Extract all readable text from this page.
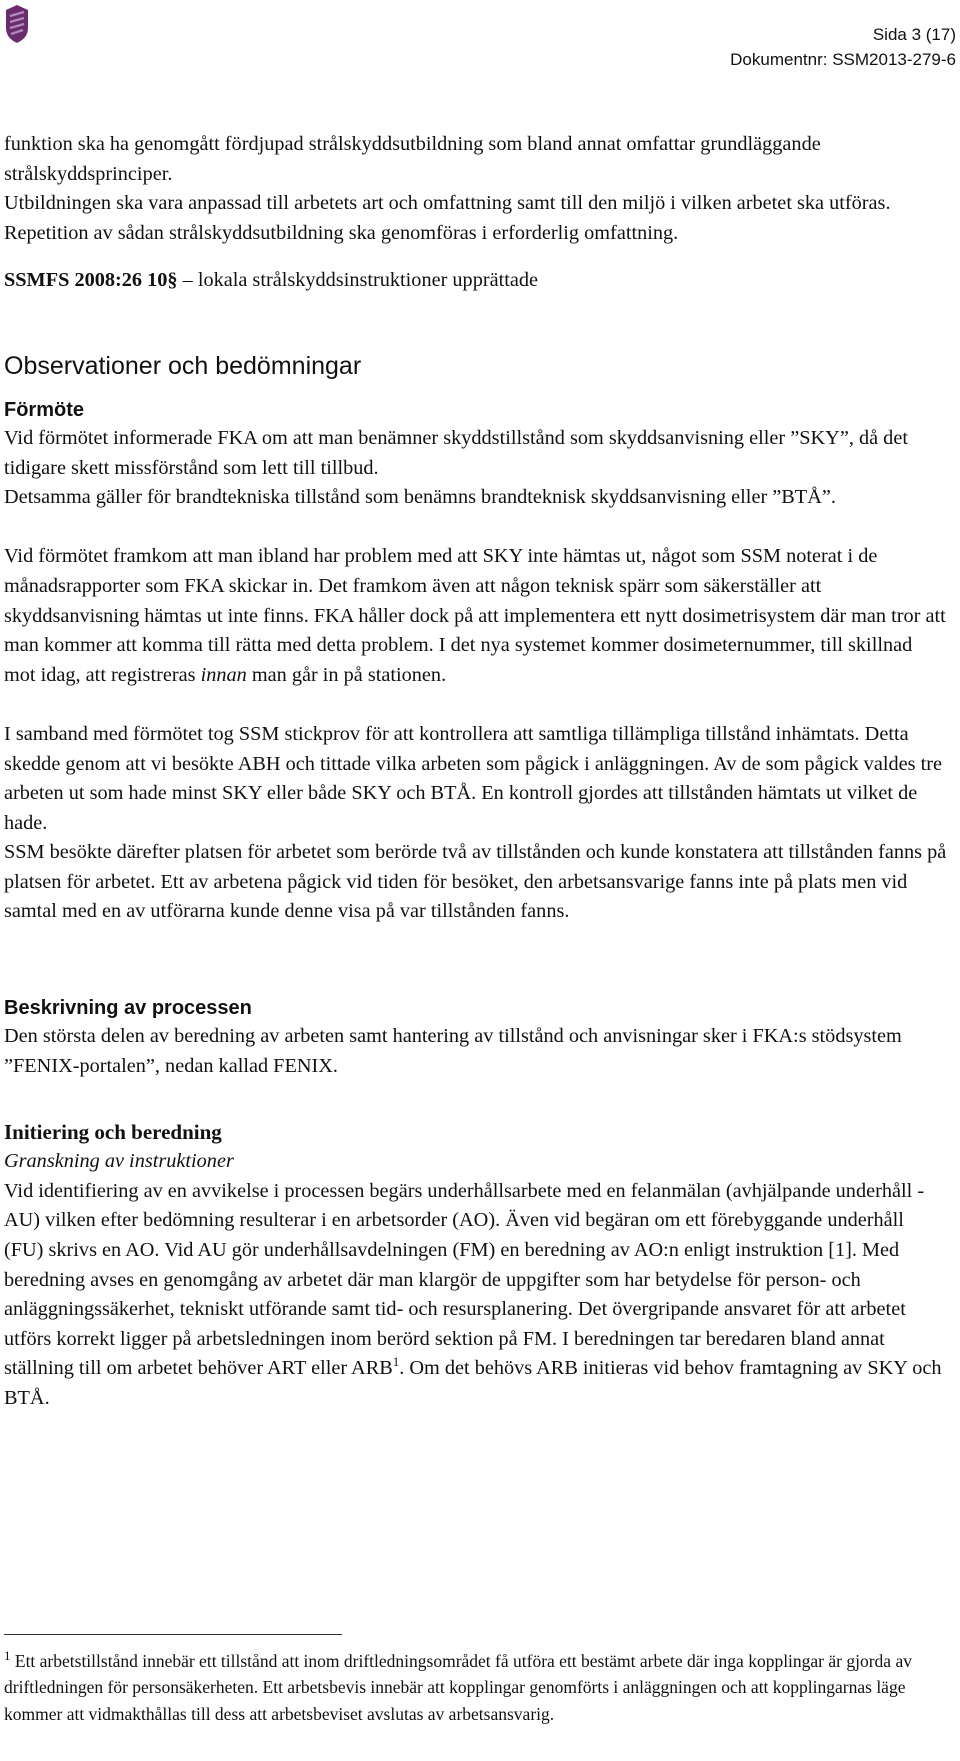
Sida 3 (17)
Dokumentnr: SSM2013-279-6

funktion ska ha genomgått fördjupad strålskyddsutbildning som bland annat omfattar grundläggande strålskyddsprinciper.

Utbildningen ska vara anpassad till arbetets art och omfattning samt till den miljö i vilken arbetet ska utföras. Repetition av sådan strålskyddsutbildning ska genomföras i erforderlig omfattning.

SSMFS 2008:26 10§ – lokala strålskyddsinstruktioner upprättade

Observationer och bedömningar
Förmöte

Vid förmötet informerade FKA om att man benämner skyddstillstånd som skyddsanvisning eller ”SKY”, då det tidigare skett missförstånd som lett till tillbud.

Detsamma gäller för brandtekniska tillstånd som benämns brandteknisk skyddsanvisning eller ”BTÅ”.

Vid förmötet framkom att man ibland har problem med att SKY inte hämtas ut, något som SSM noterat i de månadsrapporter som FKA skickar in. Det framkom även att någon teknisk spärr som säkerställer att skyddsanvisning hämtas ut inte finns. FKA håller dock på att implementera ett nytt dosimetrisystem där man tror att man kommer att komma till rätta med detta problem. I det nya systemet kommer dosimeternummer, till skillnad mot idag, att registreras innan man går in på stationen.

I samband med förmötet tog SSM stickprov för att kontrollera att samtliga tillämpliga tillstånd inhämtats. Detta skedde genom att vi besökte ABH och tittade vilka arbeten som pågick i anläggningen. Av de som pågick valdes tre arbeten ut som hade minst SKY eller både SKY och BTÅ. En kontroll gjordes att tillstånden hämtats ut vilket de hade.

SSM besökte därefter platsen för arbetet som berörde två av tillstånden och kunde konstatera att tillstånden fanns på platsen för arbetet. Ett av arbetena pågick vid tiden för besöket, den arbetsansvarige fanns inte på plats men vid samtal med en av utförarna kunde denne visa på var tillstånden fanns.

Beskrivning av processen

Den största delen av beredning av arbeten samt hantering av tillstånd och anvisningar sker i FKA:s stödsystem ”FENIX-portalen”, nedan kallad FENIX.

Initiering och beredning

Granskning av instruktioner

Vid identifiering av en avvikelse i processen begärs underhållsarbete med en felanmälan (avhjälpande underhåll - AU) vilken efter bedömning resulterar i en arbetsorder (AO). Även vid begäran om ett förebyggande underhåll (FU) skrivs en AO. Vid AU gör underhållsavdelningen (FM) en beredning av AO:n enligt instruktion [1]. Med beredning avses en genomgång av arbetet där man klargör de uppgifter som har betydelse för person- och anläggningssäkerhet, tekniskt utförande samt tid- och resursplanering. Det övergripande ansvaret för att arbetet utförs korrekt ligger på arbetsledningen inom berörd sektion på FM. I beredningen tar beredaren bland annat ställning till om arbetet behöver ART eller ARB$^1$. Om det behövs ARB initieras vid behov framtagning av SKY och BTÅ.

$^1$ Ett arbetstillstånd innebär ett tillstånd att inom driftledningsområdet få utföra ett bestämt arbete där inga kopplingar är gjorda av driftledningen för personsäkerheten. Ett arbetsbevis innebär att kopplingar genomförts i anläggningen och att kopplingarnas läge kommer att vidmakthållas till dess att arbetsbeviset avslutas av arbetsansvarig.
